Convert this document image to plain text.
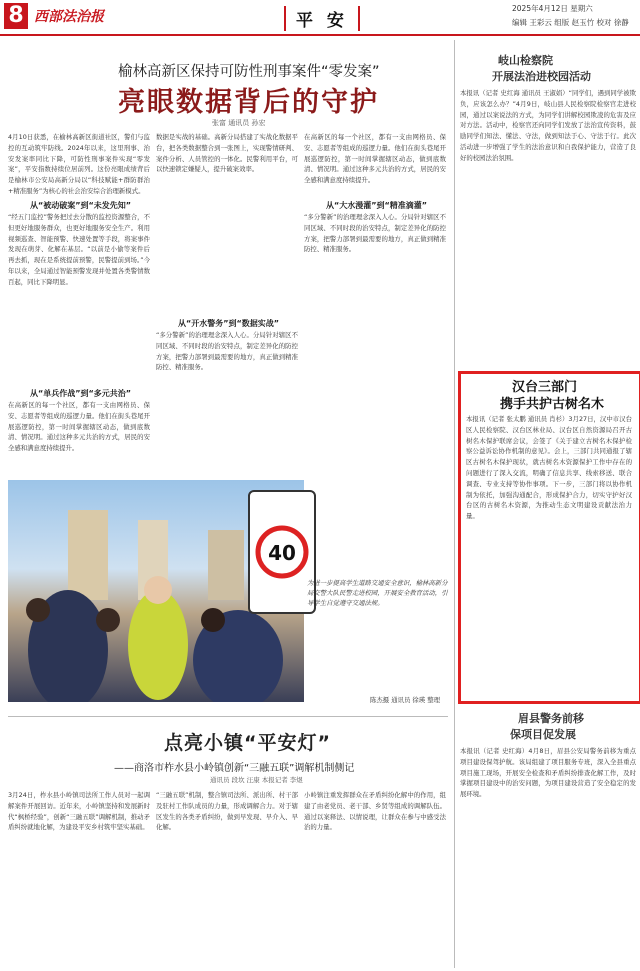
8 西部法治报	平 安
2025年4月12日 星期六
编辑 王彩云 组版 赵玉竹 校对 徐静
榆林高新区保持可防性刑事案件“零发案”
亮眼数据背后的守护
张富 通讯员 孙宏
4月10日获悉，在榆林高新区街道社区，警们与监控的互动筑牢防线。2024年以来，这里刑事、治安发案率同比下降，可防性刑事案件实现“零发案”，平安指数持续位居前列。这份亮眼成绩背后是榆林市公安局高新分局以“科技赋能+群防群治+精准服务”为核心的社会治安综合治理新模式。
从“被动破案”到“未发先知”
“经五门监控”警务把过去分散的监控资源整合，不但更好地服务群众，也更好地服务安全生产。利用视频巡查、智能预警、快速处置等手段，将案事件发现在萌芽、化解在基层。“以前是小偷等案件后再去抓，现在是系统提前预警，民警提前到场。”今年以来，全局通过智能预警发现并处置各类警情数百起，同比下降明显。
从“单兵作战”到“多元共治”
在高新区的每一个社区，都有一支由网格员、保安、志愿者等组成的巡逻力量。他们在街头巷尾开展巡逻防控，第一时间掌握辖区动态，做到底数清、情况明。通过这种多元共治的方式，居民的安全感和满意度持续提升。
数据是实战的基础。高新分局搭建了实战化数据平台，把各类数据整合到一张图上，实现警情研判、案件分析、人员管控的一体化。民警利用平台，可以快速锁定嫌疑人，提升破案效率。
从“开水警务”到“数据实战”
“多分警新”的治理理念深入人心。分局针对辖区不同区域、不同时段的治安特点，制定差异化的防控方案，把警力部署到最需要的地方，真正做到精准防控、精准服务。
在高新区的每一个社区，都有一支由网格员、保安、志愿者等组成的巡逻力量。他们在街头巷尾开展巡逻防控，第一时间掌握辖区动态，做到底数清、情况明。通过这种多元共治的方式，居民的安全感和满意度持续提升。
从“大水漫灌”到“精准滴灌”
“多分警新”的治理理念深入人心。分局针对辖区不同区域、不同时段的治安特点，制定差异化的防控方案，把警力部署到最需要的地方，真正做到精准防控、精准服务。
40
为进一步提高学生道路交通安全意识，榆林高新分局交警大队民警走进校园，开展安全教育活动，引导学生自觉遵守交通法规。
陈杰摄 通讯员 徐瑛 整理
点亮小镇“平安灯”
——商洛市柞水县小岭镇创新“三融五联”调解机制侧记
通讯员 段坎 汪康 本报记者 李煜
3月24日，柞水县小岭镇司法所工作人员对一起调解案件开展回访。近年来，小岭镇坚持和发展新时代“枫桥经验”，创新“三融五联”调解机制，推动矛盾纠纷就地化解，为建设平安乡村筑牢坚实基础。
“三融五联”机制，整合镇司法所、派出所、村干部及驻村工作队成员的力量，形成调解合力。对于辖区发生的各类矛盾纠纷，做到早发现、早介入、早化解。
小岭镇注重发挥群众在矛盾纠纷化解中的作用，组建了由老党员、老干部、乡贤等组成的调解队伍。通过以案释法、以情说理，让群众在参与中感受法治的力量。
岐山检察院
开展法治进校园活动
本报讯（记者 史红海 通讯员 王淑娟）“同学们，遇到同学被欺负，应该怎么办？”4月9日，岐山县人民检察院检察官走进校园，通过以案说法的方式，为同学们讲解校园欺凌的危害及应对方法。活动中，检察官还向同学们发放了法治宣传资料，鼓励同学们知法、懂法、守法，做到知法于心、守法于行。此次活动进一步增强了学生的法治意识和自我保护能力，营造了良好的校园法治氛围。
汉台三部门
携手共护古树名木
本报讯（记者 张太鹏 通讯员 肖杉）3月27日，汉中市汉台区人民检察院、汉台区林业局、汉台区自然资源局召开古树名木保护联席会议，会签了《关于建立古树名木保护检察公益诉讼协作机制的意见》。会上，三部门共同通报了辖区古树名木保护现状，就古树名木资源保护工作中存在的问题进行了深入交流，明确了信息共享、线索移送、联合调查、专业支持等协作事项。下一步，三部门将以协作机制为依托，加强沟通配合，形成保护合力，切实守护好汉台区的古树名木资源，为推动生态文明建设贡献法治力量。
眉县警务前移
保项目促发展
本报讯（记者 史红海）4月8日，眉县公安局警务前移为重点项目建设保驾护航。该局组建了项目服务专班，深入全县重点项目施工现场，开展安全检查和矛盾纠纷排查化解工作，及时掌握项目建设中的治安问题，为项目建设营造了安全稳定的发展环境。
